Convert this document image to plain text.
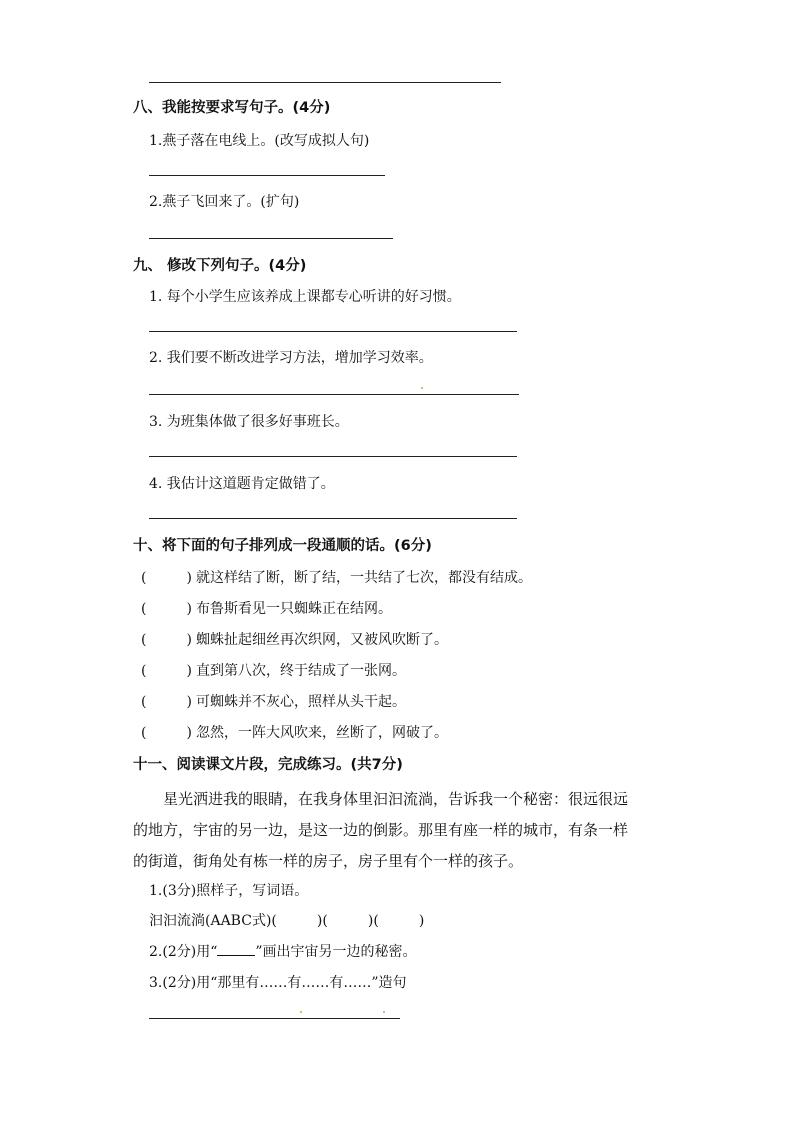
八、我能按要求写句子。(4分)
1.燕子落在电线上。(改写成拟人句)
2.燕子飞回来了。(扩句)
九、 修改下列句子。(4分)
1. 每个小学生应该养成上课都专心听讲的好习惯。
2. 我们要不断改进学习方法，增加学习效率。
3. 为班集体做了很多好事班长。
4. 我估计这道题肯定做错了。
十、将下面的句子排列成一段通顺的话。(6分)
(         ) 就这样结了断，断了结，一共结了七次，都没有结成。
(         ) 布鲁斯看见一只蜘蛛正在结网。
(         ) 蜘蛛扯起细丝再次织网，又被风吹断了。
(         ) 直到第八次，终于结成了一张网。
(         ) 可蜘蛛并不灰心，照样从头干起。
(         ) 忽然，一阵大风吹来，丝断了，网破了。
十一、阅读课文片段，完成练习。(共7分)
星光洒进我的眼睛，在我身体里汩汩流淌，告诉我一个秘密：很远很远
的地方，宇宙的另一边，是这一边的倒影。那里有座一样的城市，有条一样
的街道，街角处有栋一样的房子，房子里有个一样的孩子。
1.(3分)照样子，写词语。
汩汩流淌(AABC式)(         )(         )(         )
2.(2分)用“	”画出宇宙另一边的秘密。
3.(2分)用“那里有……有……有……”造句
